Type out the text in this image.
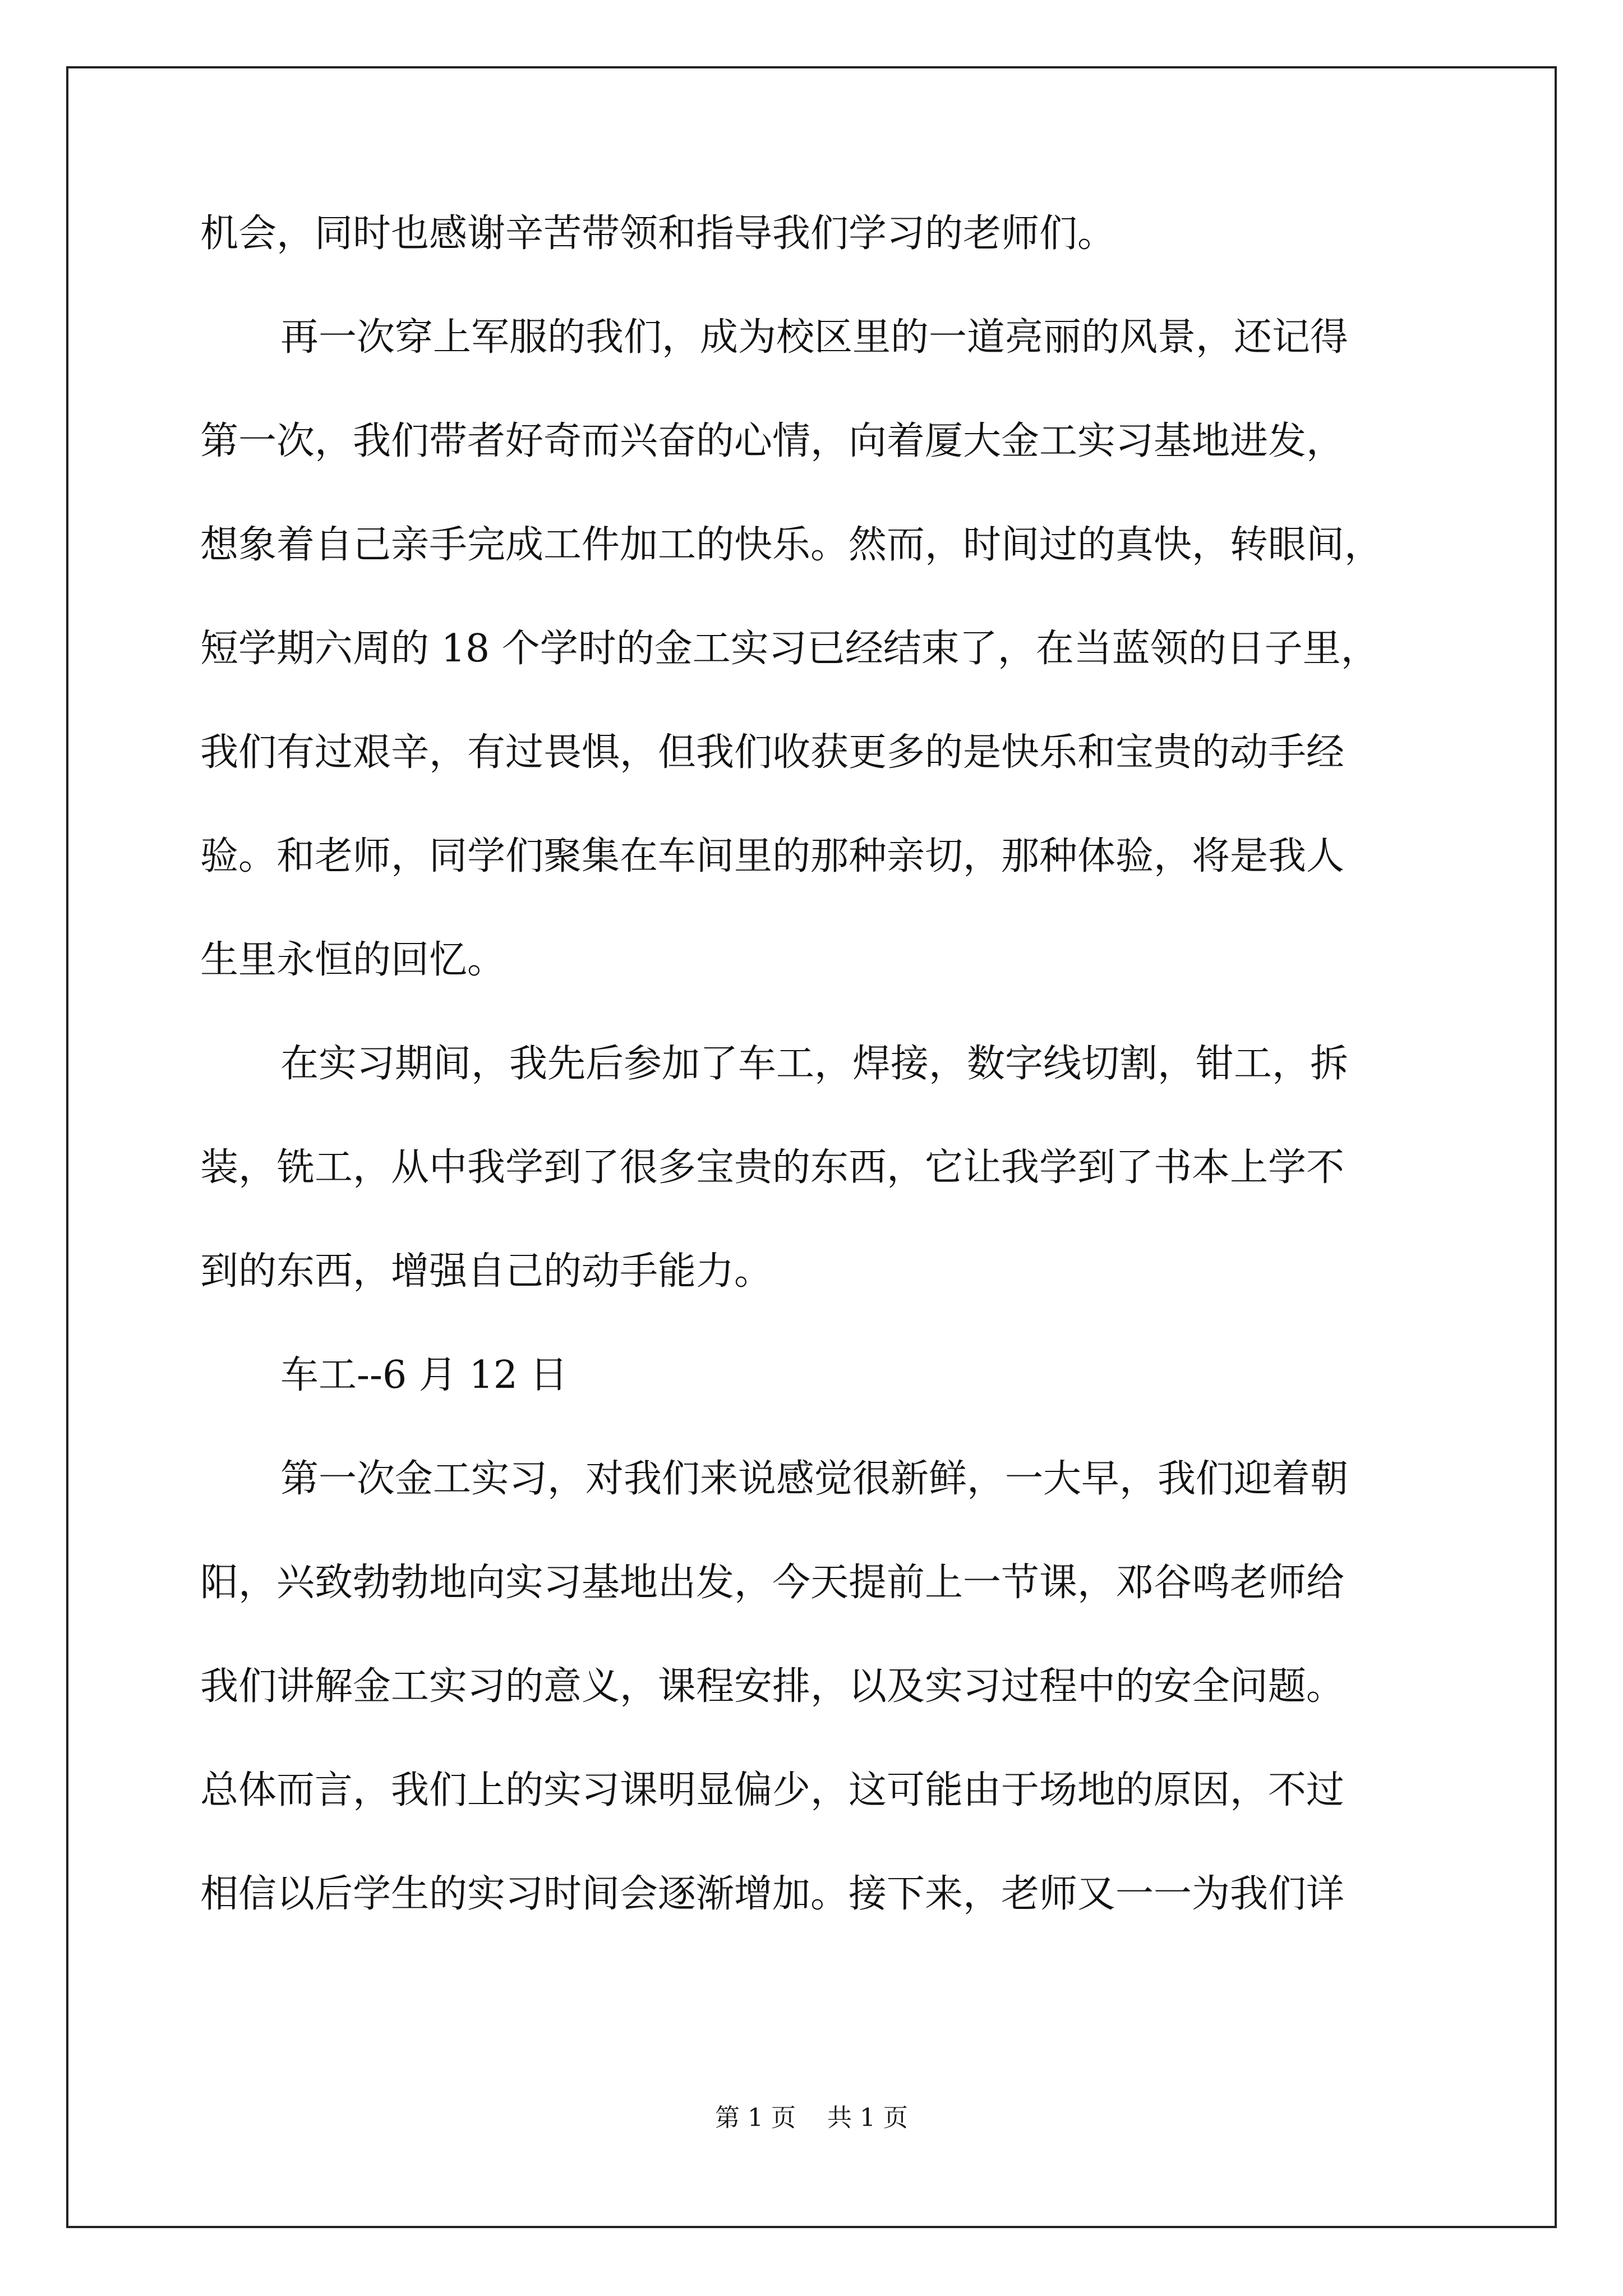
机会，同时也感谢辛苦带领和指导我们学习的老师们。
再一次穿上军服的我们，成为校区里的一道亮丽的风景，还记得
第一次，我们带者好奇而兴奋的心情，向着厦大金工实习基地进发，
想象着自己亲手完成工件加工的快乐。然而，时间过的真快，转眼间，
短学期六周的 18 个学时的金工实习已经结束了，在当蓝领的日子里，
我们有过艰辛，有过畏惧，但我们收获更多的是快乐和宝贵的动手经
验。和老师，同学们聚集在车间里的那种亲切，那种体验，将是我人
生里永恒的回忆。
在实习期间，我先后参加了车工，焊接，数字线切割，钳工，拆
装，铣工，从中我学到了很多宝贵的东西，它让我学到了书本上学不
到的东西，增强自己的动手能力。
车工--6 月 12 日
第一次金工实习，对我们来说感觉很新鲜，一大早，我们迎着朝
阳，兴致勃勃地向实习基地出发，今天提前上一节课，邓谷鸣老师给
我们讲解金工实习的意义，课程安排，以及实习过程中的安全问题。
总体而言，我们上的实习课明显偏少，这可能由于场地的原因，不过
相信以后学生的实习时间会逐渐增加。接下来，老师又一一为我们详
第 1 页    共 1 页
